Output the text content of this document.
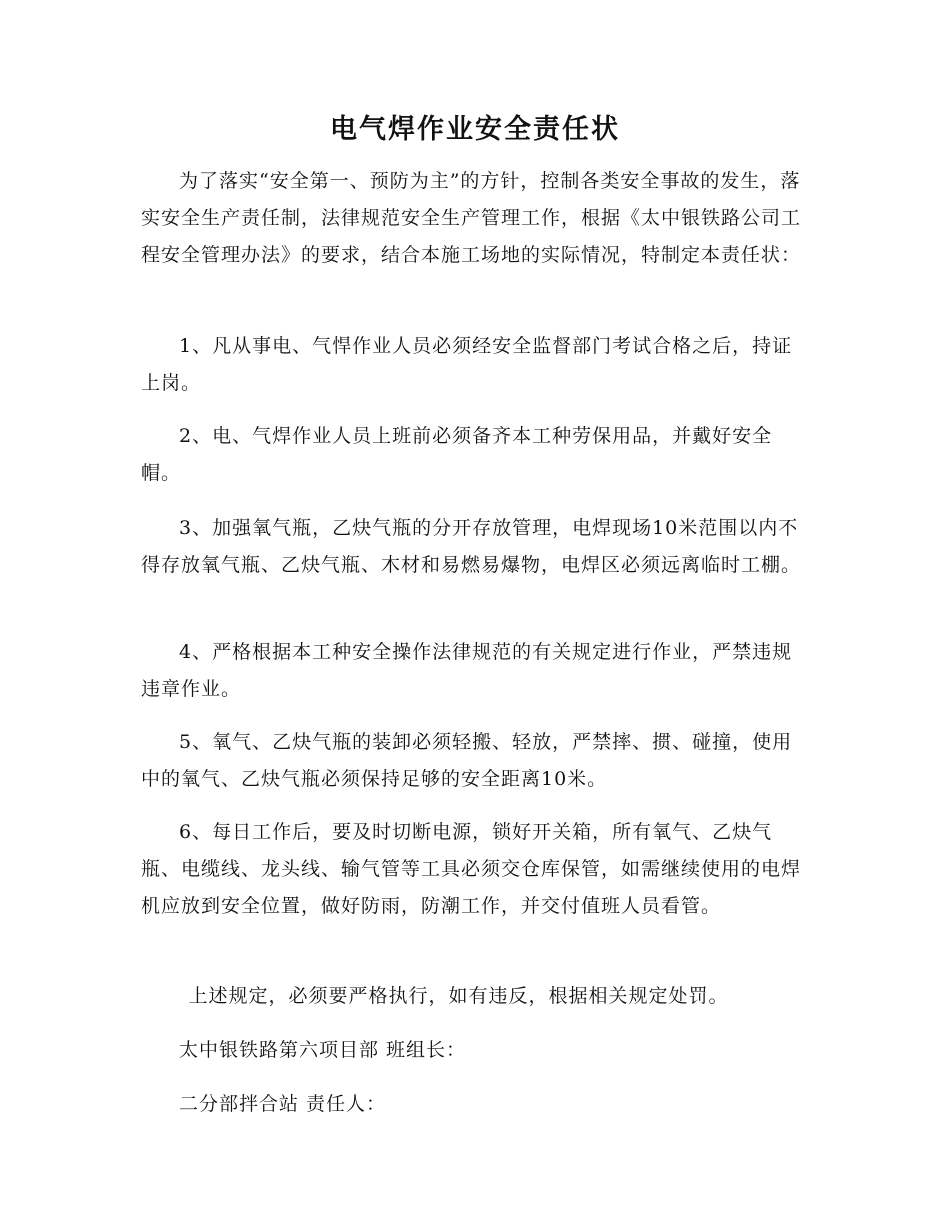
电气焊作业安全责任状

为了落实“安全第一、预防为主”的方针，控制各类安全事故的发生，落实安全生产责任制，法律规范安全生产管理工作，根据《太中银铁路公司工程安全管理办法》的要求，结合本施工场地的实际情况，特制定本责任状：

1、凡从事电、气悍作业人员必须经安全监督部门考试合格之后，持证上岗。

2、电、气焊作业人员上班前必须备齐本工种劳保用品，并戴好安全帽。

3、加强氧气瓶，乙炔气瓶的分开存放管理，电焊现场10米范围以内不得存放氧气瓶、乙炔气瓶、木材和易燃易爆物，电焊区必须远离临时工棚。

4、严格根据本工种安全操作法律规范的有关规定进行作业，严禁违规违章作业。

5、氧气、乙炔气瓶的装卸必须轻搬、轻放，严禁摔、掼、碰撞，使用中的氧气、乙炔气瓶必须保持足够的安全距离10米。

6、每日工作后，要及时切断电源，锁好开关箱，所有氧气、乙炔气瓶、电缆线、龙头线、输气管等工具必须交仓库保管，如需继续使用的电焊机应放到安全位置，做好防雨，防潮工作，并交付值班人员看管。

上述规定，必须要严格执行，如有违反，根据相关规定处罚。

太中银铁路第六项目部 班组长：

二分部拌合站 责任人：
